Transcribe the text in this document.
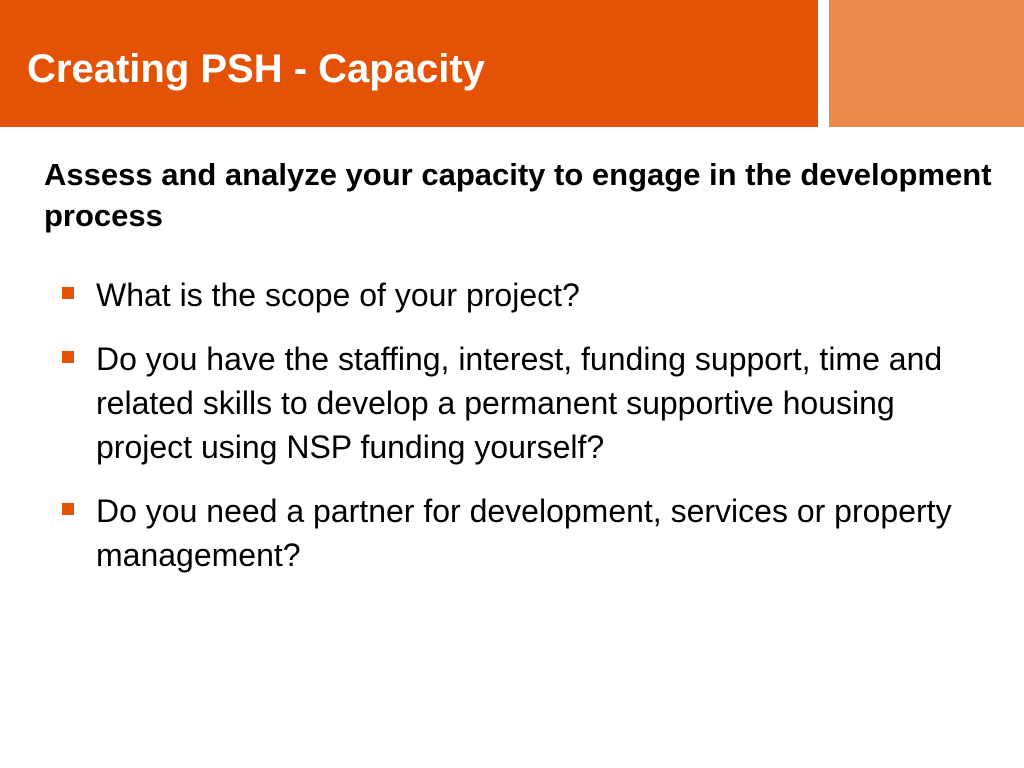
Creating PSH - Capacity
Assess and analyze your capacity to engage in the development process
What is the scope of your project?
Do you have the staffing, interest, funding support, time and related skills to develop a permanent supportive housing project using NSP funding yourself?
Do you need a partner for development, services or property management?
